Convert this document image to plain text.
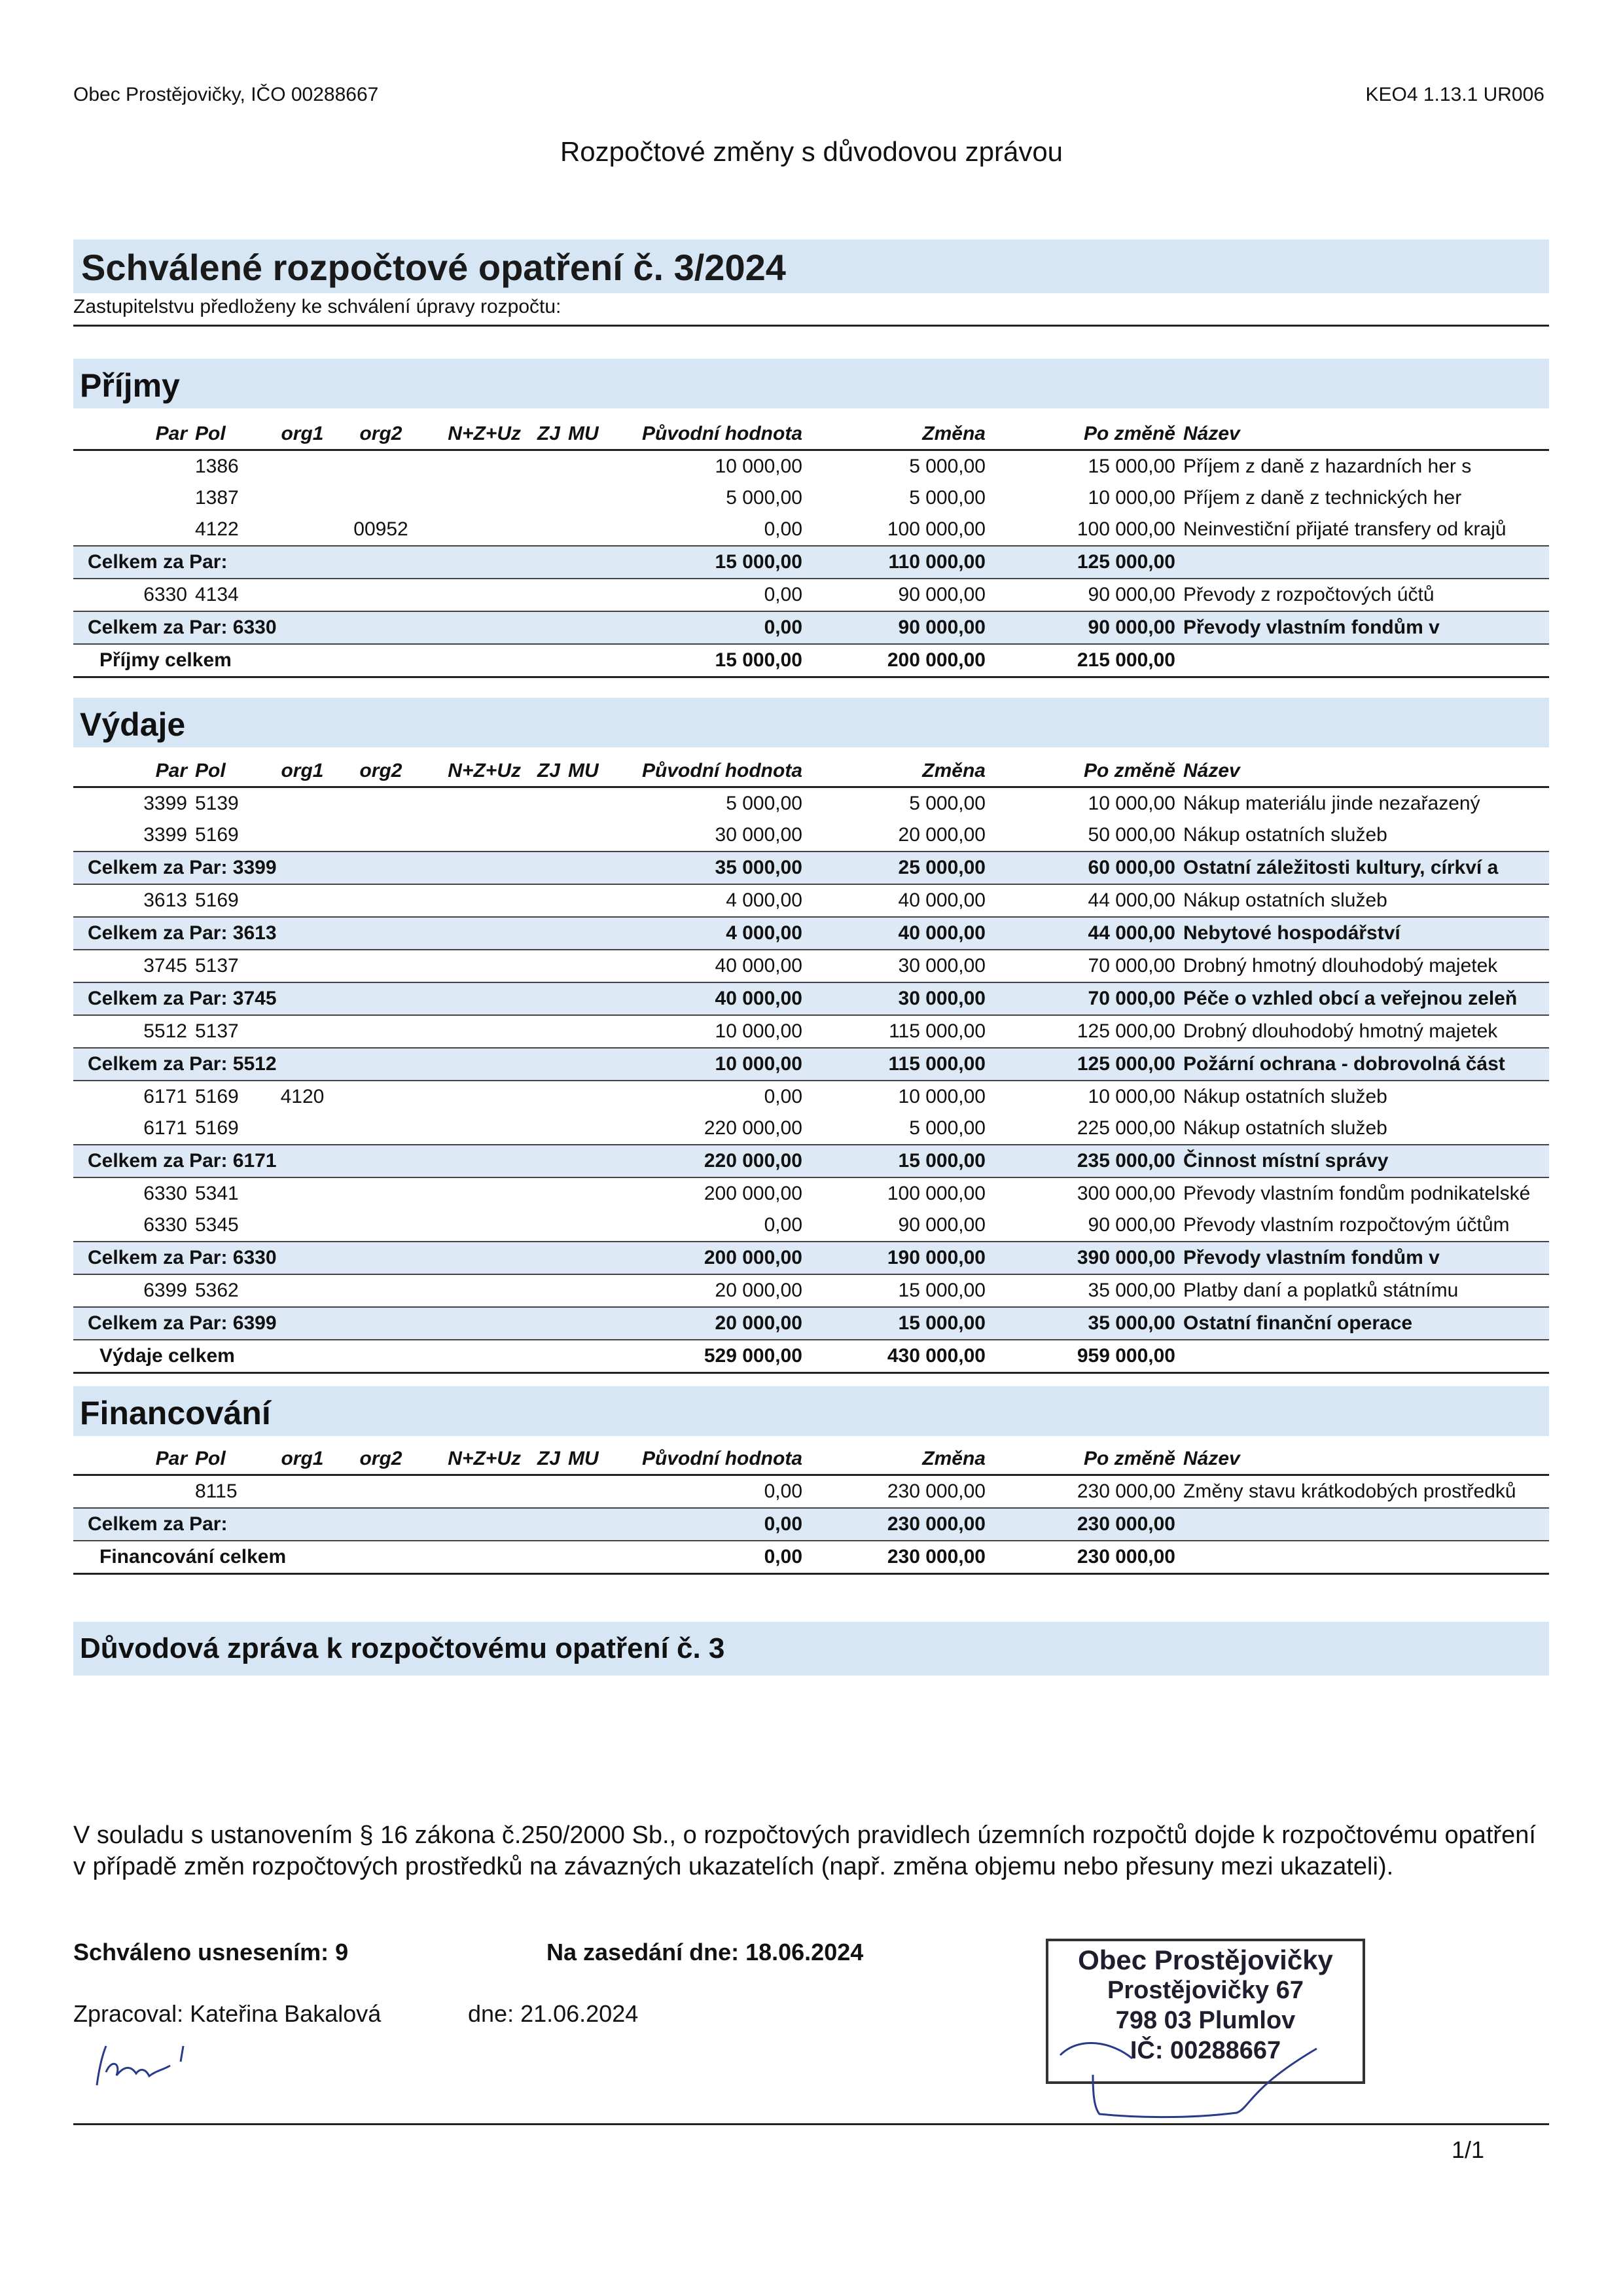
Obec Prostějovičky, IČO 00288667	KEO4 1.13.1 UR006
Rozpočtové změny s důvodovou zprávou
Schválené rozpočtové opatření č. 3/2024
Zastupitelstvu předloženy ke schválení úpravy rozpočtu:
Příjmy
Par	Pol	org1	org2	N+Z+Uz	ZJ	MU	Původní hodnota	Změna	Po změně	Název
	1386						10 000,00	5 000,00	15 000,00	Příjem z daně z hazardních her s
	1387						5 000,00	5 000,00	10 000,00	Příjem z daně z technických her
	4122		00952				0,00	100 000,00	100 000,00	Neinvestiční přijaté transfery od krajů
Celkem za Par:							15 000,00	110 000,00	125 000,00	
6330	4134						0,00	90 000,00	90 000,00	Převody z rozpočtových účtů
Celkem za Par: 6330							0,00	90 000,00	90 000,00	Převody vlastním fondům v
Příjmy celkem							15 000,00	200 000,00	215 000,00	
Výdaje
Par	Pol	org1	org2	N+Z+Uz	ZJ	MU	Původní hodnota	Změna	Po změně	Název
3399	5139						5 000,00	5 000,00	10 000,00	Nákup materiálu jinde nezařazený
3399	5169						30 000,00	20 000,00	50 000,00	Nákup ostatních služeb
Celkem za Par: 3399							35 000,00	25 000,00	60 000,00	Ostatní záležitosti kultury, církví a
3613	5169						4 000,00	40 000,00	44 000,00	Nákup ostatních služeb
Celkem za Par: 3613							4 000,00	40 000,00	44 000,00	Nebytové hospodářství
3745	5137						40 000,00	30 000,00	70 000,00	Drobný hmotný dlouhodobý majetek
Celkem za Par: 3745							40 000,00	30 000,00	70 000,00	Péče o vzhled obcí a veřejnou zeleň
5512	5137						10 000,00	115 000,00	125 000,00	Drobný dlouhodobý hmotný majetek
Celkem za Par: 5512							10 000,00	115 000,00	125 000,00	Požární ochrana - dobrovolná část
6171	5169	4120					0,00	10 000,00	10 000,00	Nákup ostatních služeb
6171	5169						220 000,00	5 000,00	225 000,00	Nákup ostatních služeb
Celkem za Par: 6171							220 000,00	15 000,00	235 000,00	Činnost místní správy
6330	5341						200 000,00	100 000,00	300 000,00	Převody vlastním fondům podnikatelské
6330	5345						0,00	90 000,00	90 000,00	Převody vlastním rozpočtovým účtům
Celkem za Par: 6330							200 000,00	190 000,00	390 000,00	Převody vlastním fondům v
6399	5362						20 000,00	15 000,00	35 000,00	Platby daní a poplatků státnímu
Celkem za Par: 6399							20 000,00	15 000,00	35 000,00	Ostatní finanční operace
Výdaje celkem							529 000,00	430 000,00	959 000,00	
Financování
Par	Pol	org1	org2	N+Z+Uz	ZJ	MU	Původní hodnota	Změna	Po změně	Název
	8115						0,00	230 000,00	230 000,00	Změny stavu krátkodobých prostředků
Celkem za Par:							0,00	230 000,00	230 000,00	
Financování celkem							0,00	230 000,00	230 000,00	
Důvodová zpráva k rozpočtovému opatření č. 3
V souladu s ustanovením § 16 zákona č.250/2000 Sb., o rozpočtových pravidlech územních rozpočtů dojde k rozpočtovému opatření v případě změn rozpočtových prostředků na závazných ukazatelích (např. změna objemu nebo přesuny mezi ukazateli).
Schváleno usnesením: 9	Na zasedání dne: 18.06.2024
Zpracoval: Kateřina Bakalová	dne: 21.06.2024
Obec Prostějovičky
Prostějovičky 67
798 03 Plumlov
IČ: 00288667
1/1
